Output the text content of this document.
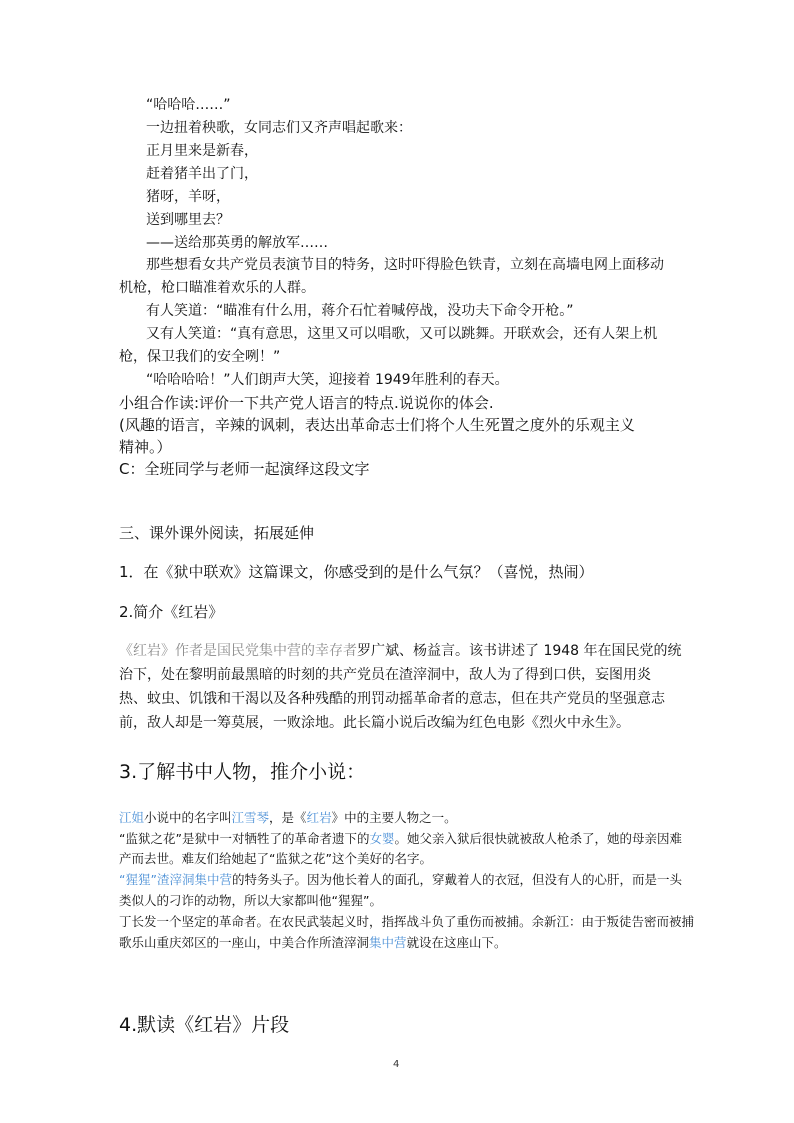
“哈哈哈……”
一边扭着秧歌，女同志们又齐声唱起歌来：
正月里来是新春，
赶着猪羊出了门，
猪呀，羊呀，
送到哪里去？
——送给那英勇的解放军……
那些想看女共产党员表演节目的特务，这时吓得脸色铁青，立刻在高墙电网上面移动
机枪，枪口瞄准着欢乐的人群。
有人笑道：“瞄准有什么用，蒋介石忙着喊停战，没功夫下命令开枪。”
又有人笑道：“真有意思，这里又可以唱歌，又可以跳舞。开联欢会，还有人架上机
枪，保卫我们的安全咧！”
“哈哈哈哈！”人们朗声大笑，迎接着 1949年胜利的春天。
小组合作读:评价一下共产党人语言的特点.说说你的体会.
(风趣的语言，辛辣的讽刺，表达出革命志士们将个人生死置之度外的乐观主义
精神。）
C：全班同学与老师一起演绎这段文字
三、课外课外阅读，拓展延伸
1．在《狱中联欢》这篇课文，你感受到的是什么气氛？（喜悦，热闹）
2.简介《红岩》
《红岩》作者是国民党集中营的幸存者罗广斌、杨益言。该书讲述了 1948 年在国民党的统
治下，处在黎明前最黑暗的时刻的共产党员在渣滓洞中，敌人为了得到口供，妄图用炎
热、蚊虫、饥饿和干渴以及各种残酷的刑罚动摇革命者的意志，但在共产党员的坚强意志
前，敌人却是一筹莫展，一败涂地。此长篇小说后改编为红色电影《烈火中永生》。
3.了解书中人物，推介小说：
江姐小说中的名字叫江雪琴，是《红岩》中的主要人物之一。
“监狱之花”是狱中一对牺牲了的革命者遗下的女婴。她父亲入狱后很快就被敌人枪杀了，她的母亲因难
产而去世。难友们给她起了“监狱之花”这个美好的名字。
“猩猩”渣滓洞集中营的特务头子。因为他长着人的面孔，穿戴着人的衣冠，但没有人的心肝，而是一头
类似人的刁诈的动物，所以大家都叫他“猩猩”。
丁长发一个坚定的革命者。在农民武装起义时，指挥战斗负了重伤而被捕。余新江：由于叛徒告密而被捕
歌乐山重庆郊区的一座山，中美合作所渣滓洞集中营就设在这座山下。
4.默读《红岩》片段
4
